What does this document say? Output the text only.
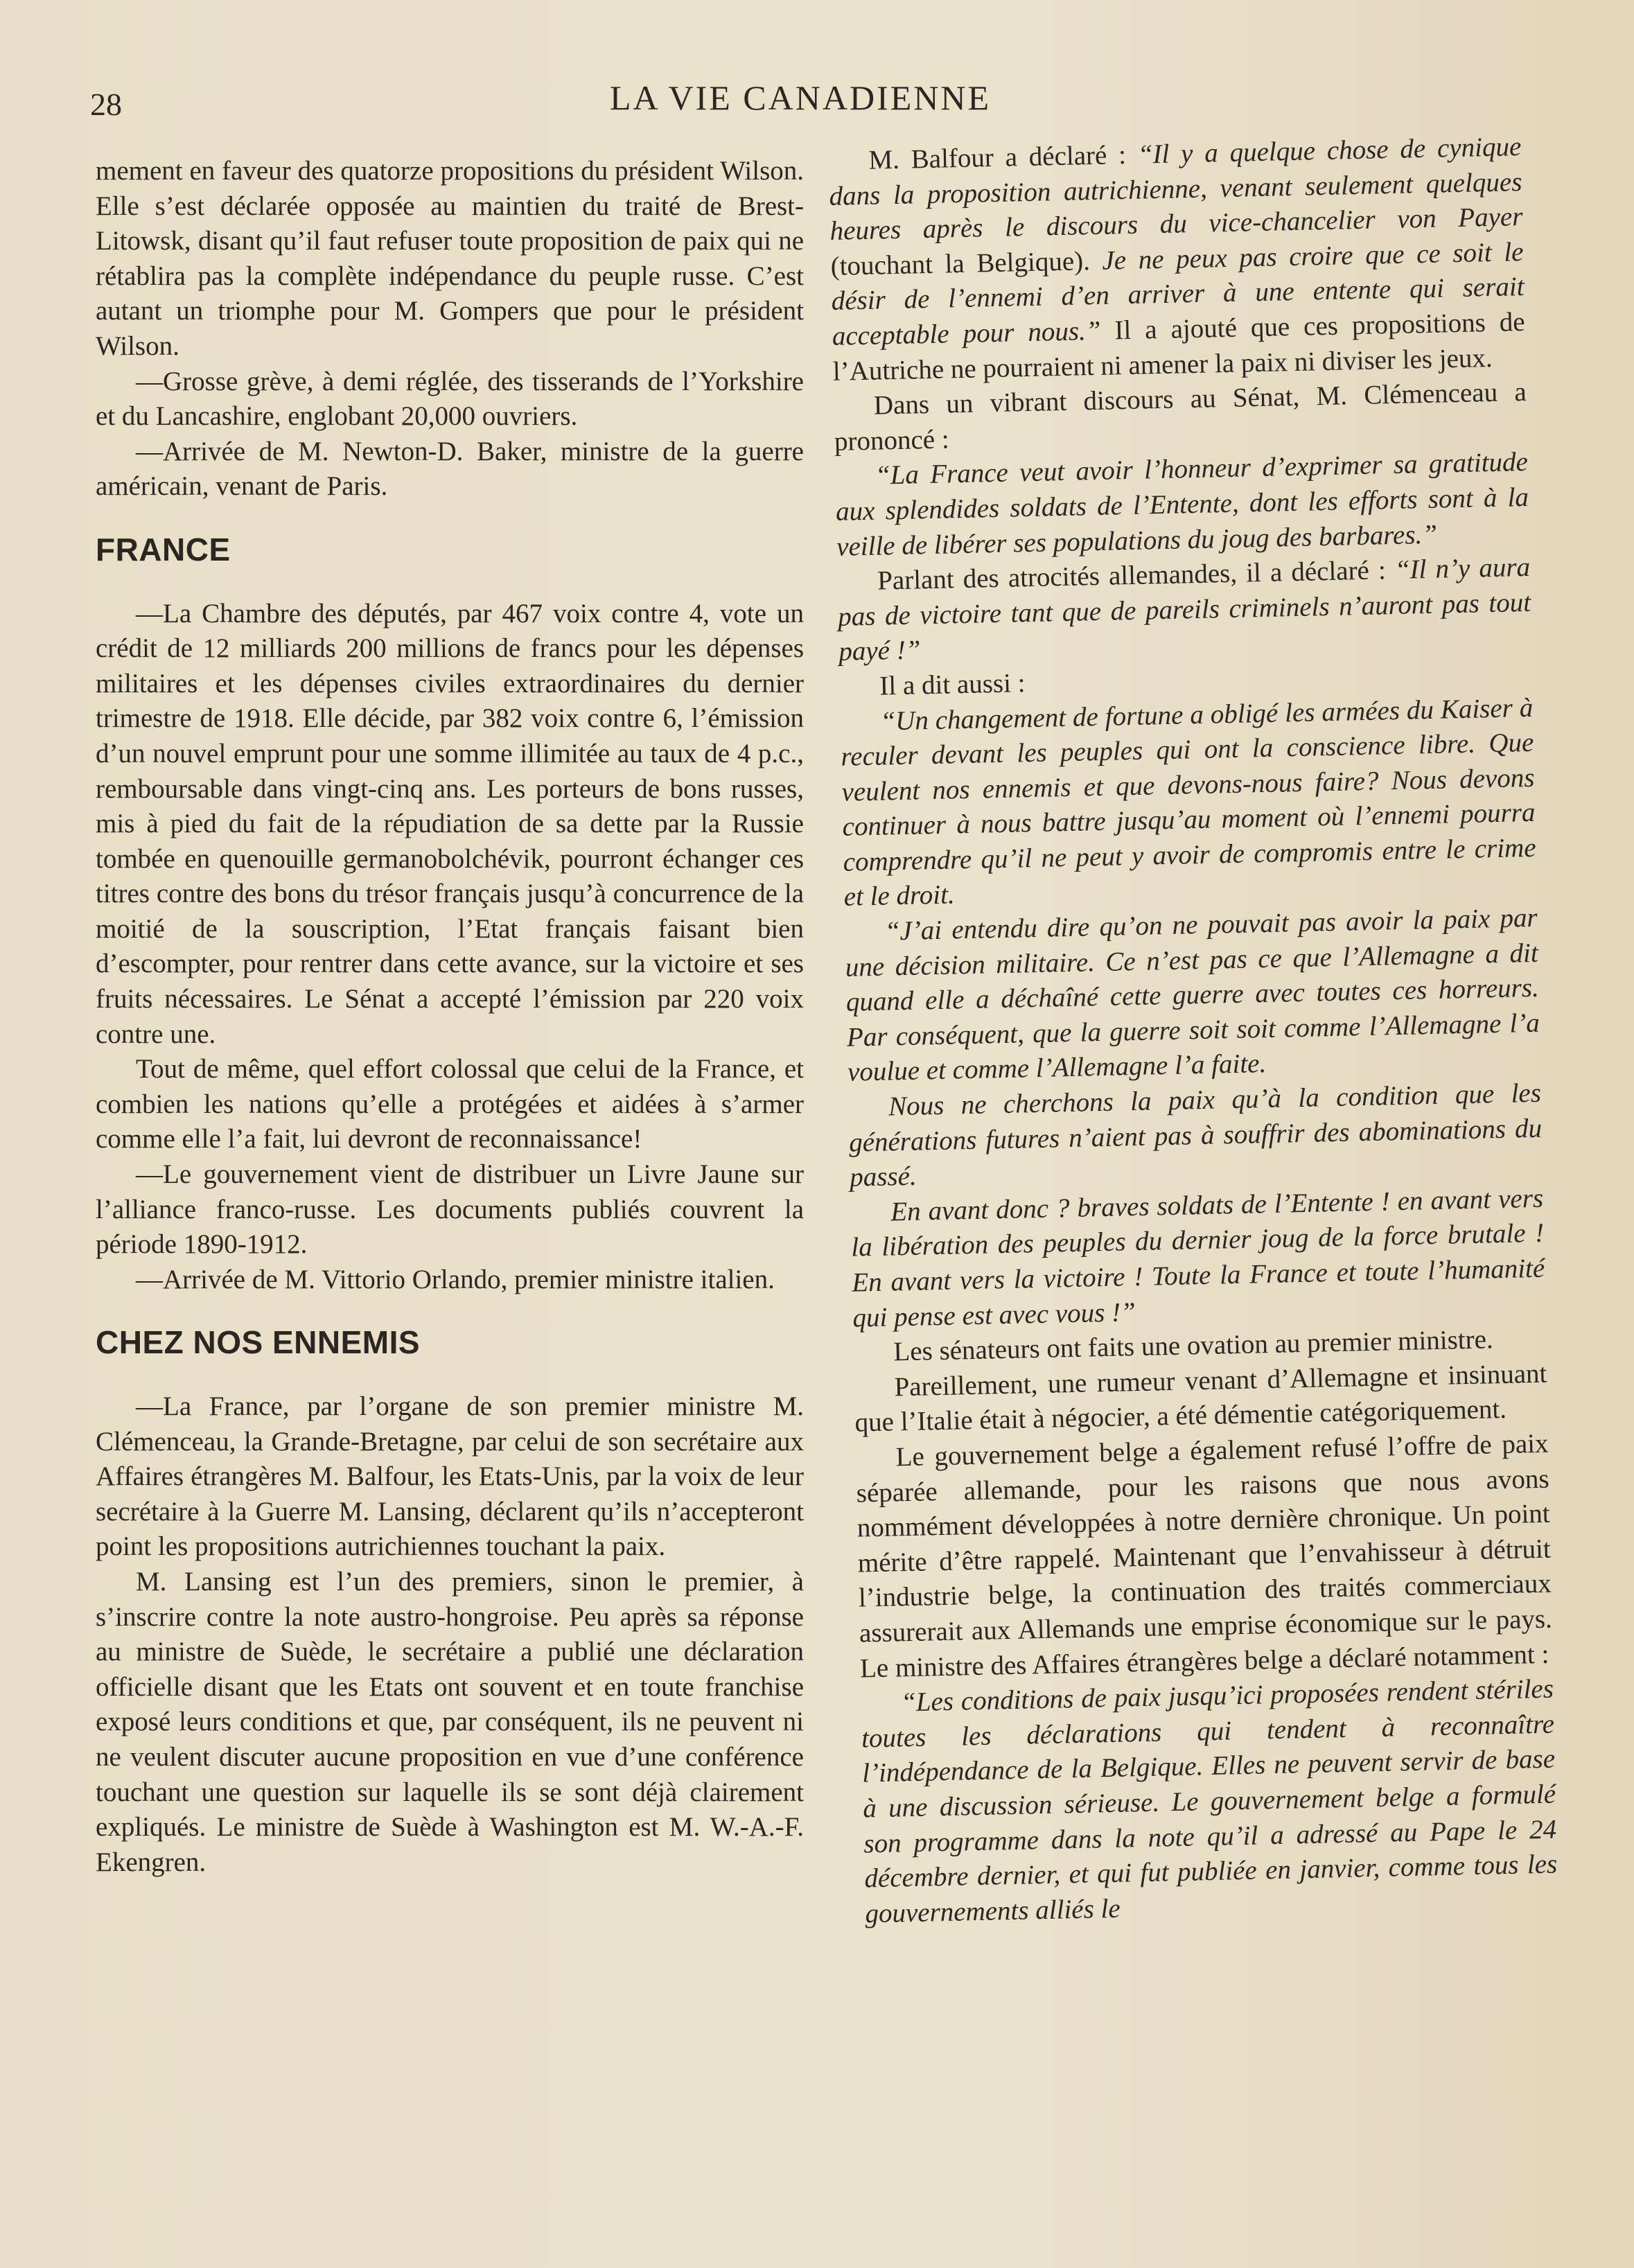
28	LA VIE CANADIENNE

mement en faveur des quatorze propositions du président Wilson. Elle s’est déclarée opposée au maintien du traité de Brest-Litowsk, disant qu’il faut refuser toute proposition de paix qui ne rétablira pas la complète indépendance du peuple russe. C’est autant un triomphe pour M. Gompers que pour le président Wilson.

—Grosse grève, à demi réglée, des tisserands de l’Yorkshire et du Lancashire, englobant 20,000 ouvriers.

—Arrivée de M. Newton-D. Baker, ministre de la guerre américain, venant de Paris.

FRANCE

—La Chambre des députés, par 467 voix contre 4, vote un crédit de 12 milliards 200 millions de francs pour les dépenses militaires et les dépenses civiles extraordinaires du dernier trimestre de 1918. Elle décide, par 382 voix contre 6, l’émission d’un nouvel emprunt pour une somme illimitée au taux de 4 p.c., remboursable dans vingt-cinq ans. Les porteurs de bons russes, mis à pied du fait de la répudiation de sa dette par la Russie tombée en quenouille germanobolchévik, pourront échanger ces titres contre des bons du trésor français jusqu’à concurrence de la moitié de la souscription, l’Etat français faisant bien d’escompter, pour rentrer dans cette avance, sur la victoire et ses fruits nécessaires. Le Sénat a accepté l’émission par 220 voix contre une.

Tout de même, quel effort colossal que celui de la France, et combien les nations qu’elle a protégées et aidées à s’armer comme elle l’a fait, lui devront de reconnaissance!

—Le gouvernement vient de distribuer un Livre Jaune sur l’alliance franco-russe. Les documents publiés couvrent la période 1890-1912.

—Arrivée de M. Vittorio Orlando, premier ministre italien.

CHEZ NOS ENNEMIS

—La France, par l’organe de son premier ministre M. Clémenceau, la Grande-Bretagne, par celui de son secrétaire aux Affaires étrangères M. Balfour, les Etats-Unis, par la voix de leur secrétaire à la Guerre M. Lansing, déclarent qu’ils n’accepteront point les propositions autrichiennes touchant la paix.

M. Lansing est l’un des premiers, sinon le premier, à s’inscrire contre la note austro-hongroise. Peu après sa réponse au ministre de Suède, le secrétaire a publié une déclaration officielle disant que les Etats ont souvent et en toute franchise exposé leurs conditions et que, par conséquent, ils ne peuvent ni ne veulent discuter aucune proposition en vue d’une conférence touchant une question sur laquelle ils se sont déjà clairement expliqués. Le ministre de Suède à Washington est M. W.-A.-F. Ekengren.

M. Balfour a déclaré : “Il y a quelque chose de cynique dans la proposition autrichienne, venant seulement quelques heures après le discours du vice-chancelier von Payer (touchant la Belgique). Je ne peux pas croire que ce soit le désir de l’ennemi d’en arriver à une entente qui serait acceptable pour nous.” Il a ajouté que ces propositions de l’Autriche ne pourraient ni amener la paix ni diviser les jeux.

Dans un vibrant discours au Sénat, M. Clémenceau a prononcé :

“La France veut avoir l’honneur d’exprimer sa gratitude aux splendides soldats de l’Entente, dont les efforts sont à la veille de libérer ses populations du joug des barbares.”

Parlant des atrocités allemandes, il a déclaré : “Il n’y aura pas de victoire tant que de pareils criminels n’auront pas tout payé !”

Il a dit aussi :

“Un changement de fortune a obligé les armées du Kaiser à reculer devant les peuples qui ont la conscience libre. Que veulent nos ennemis et que devons-nous faire? Nous devons continuer à nous battre jusqu’au moment où l’ennemi pourra comprendre qu’il ne peut y avoir de compromis entre le crime et le droit.

“J’ai entendu dire qu’on ne pouvait pas avoir la paix par une décision militaire. Ce n’est pas ce que l’Allemagne a dit quand elle a déchaîné cette guerre avec toutes ces horreurs. Par conséquent, que la guerre soit soit comme l’Allemagne l’a voulue et comme l’Allemagne l’a faite.

Nous ne cherchons la paix qu’à la condition que les générations futures n’aient pas à souffrir des abominations du passé.

En avant donc ? braves soldats de l’Entente ! en avant vers la libération des peuples du dernier joug de la force brutale ! En avant vers la victoire ! Toute la France et toute l’humanité qui pense est avec vous !”

Les sénateurs ont faits une ovation au premier ministre.

Pareillement, une rumeur venant d’Allemagne et insinuant que l’Italie était à négocier, a été démentie catégoriquement.

Le gouvernement belge a également refusé l’offre de paix séparée allemande, pour les raisons que nous avons nommément développées à notre dernière chronique. Un point mérite d’être rappelé. Maintenant que l’envahisseur à détruit l’industrie belge, la continuation des traités commerciaux assurerait aux Allemands une emprise économique sur le pays. Le ministre des Affaires étrangères belge a déclaré notamment :

“Les conditions de paix jusqu’ici proposées rendent stériles toutes les déclarations qui tendent à reconnaître l’indépendance de la Belgique. Elles ne peuvent servir de base à une discussion sérieuse. Le gouvernement belge a formulé son programme dans la note qu’il a adressé au Pape le 24 décembre dernier, et qui fut publiée en janvier, comme tous les gouvernements alliés le
